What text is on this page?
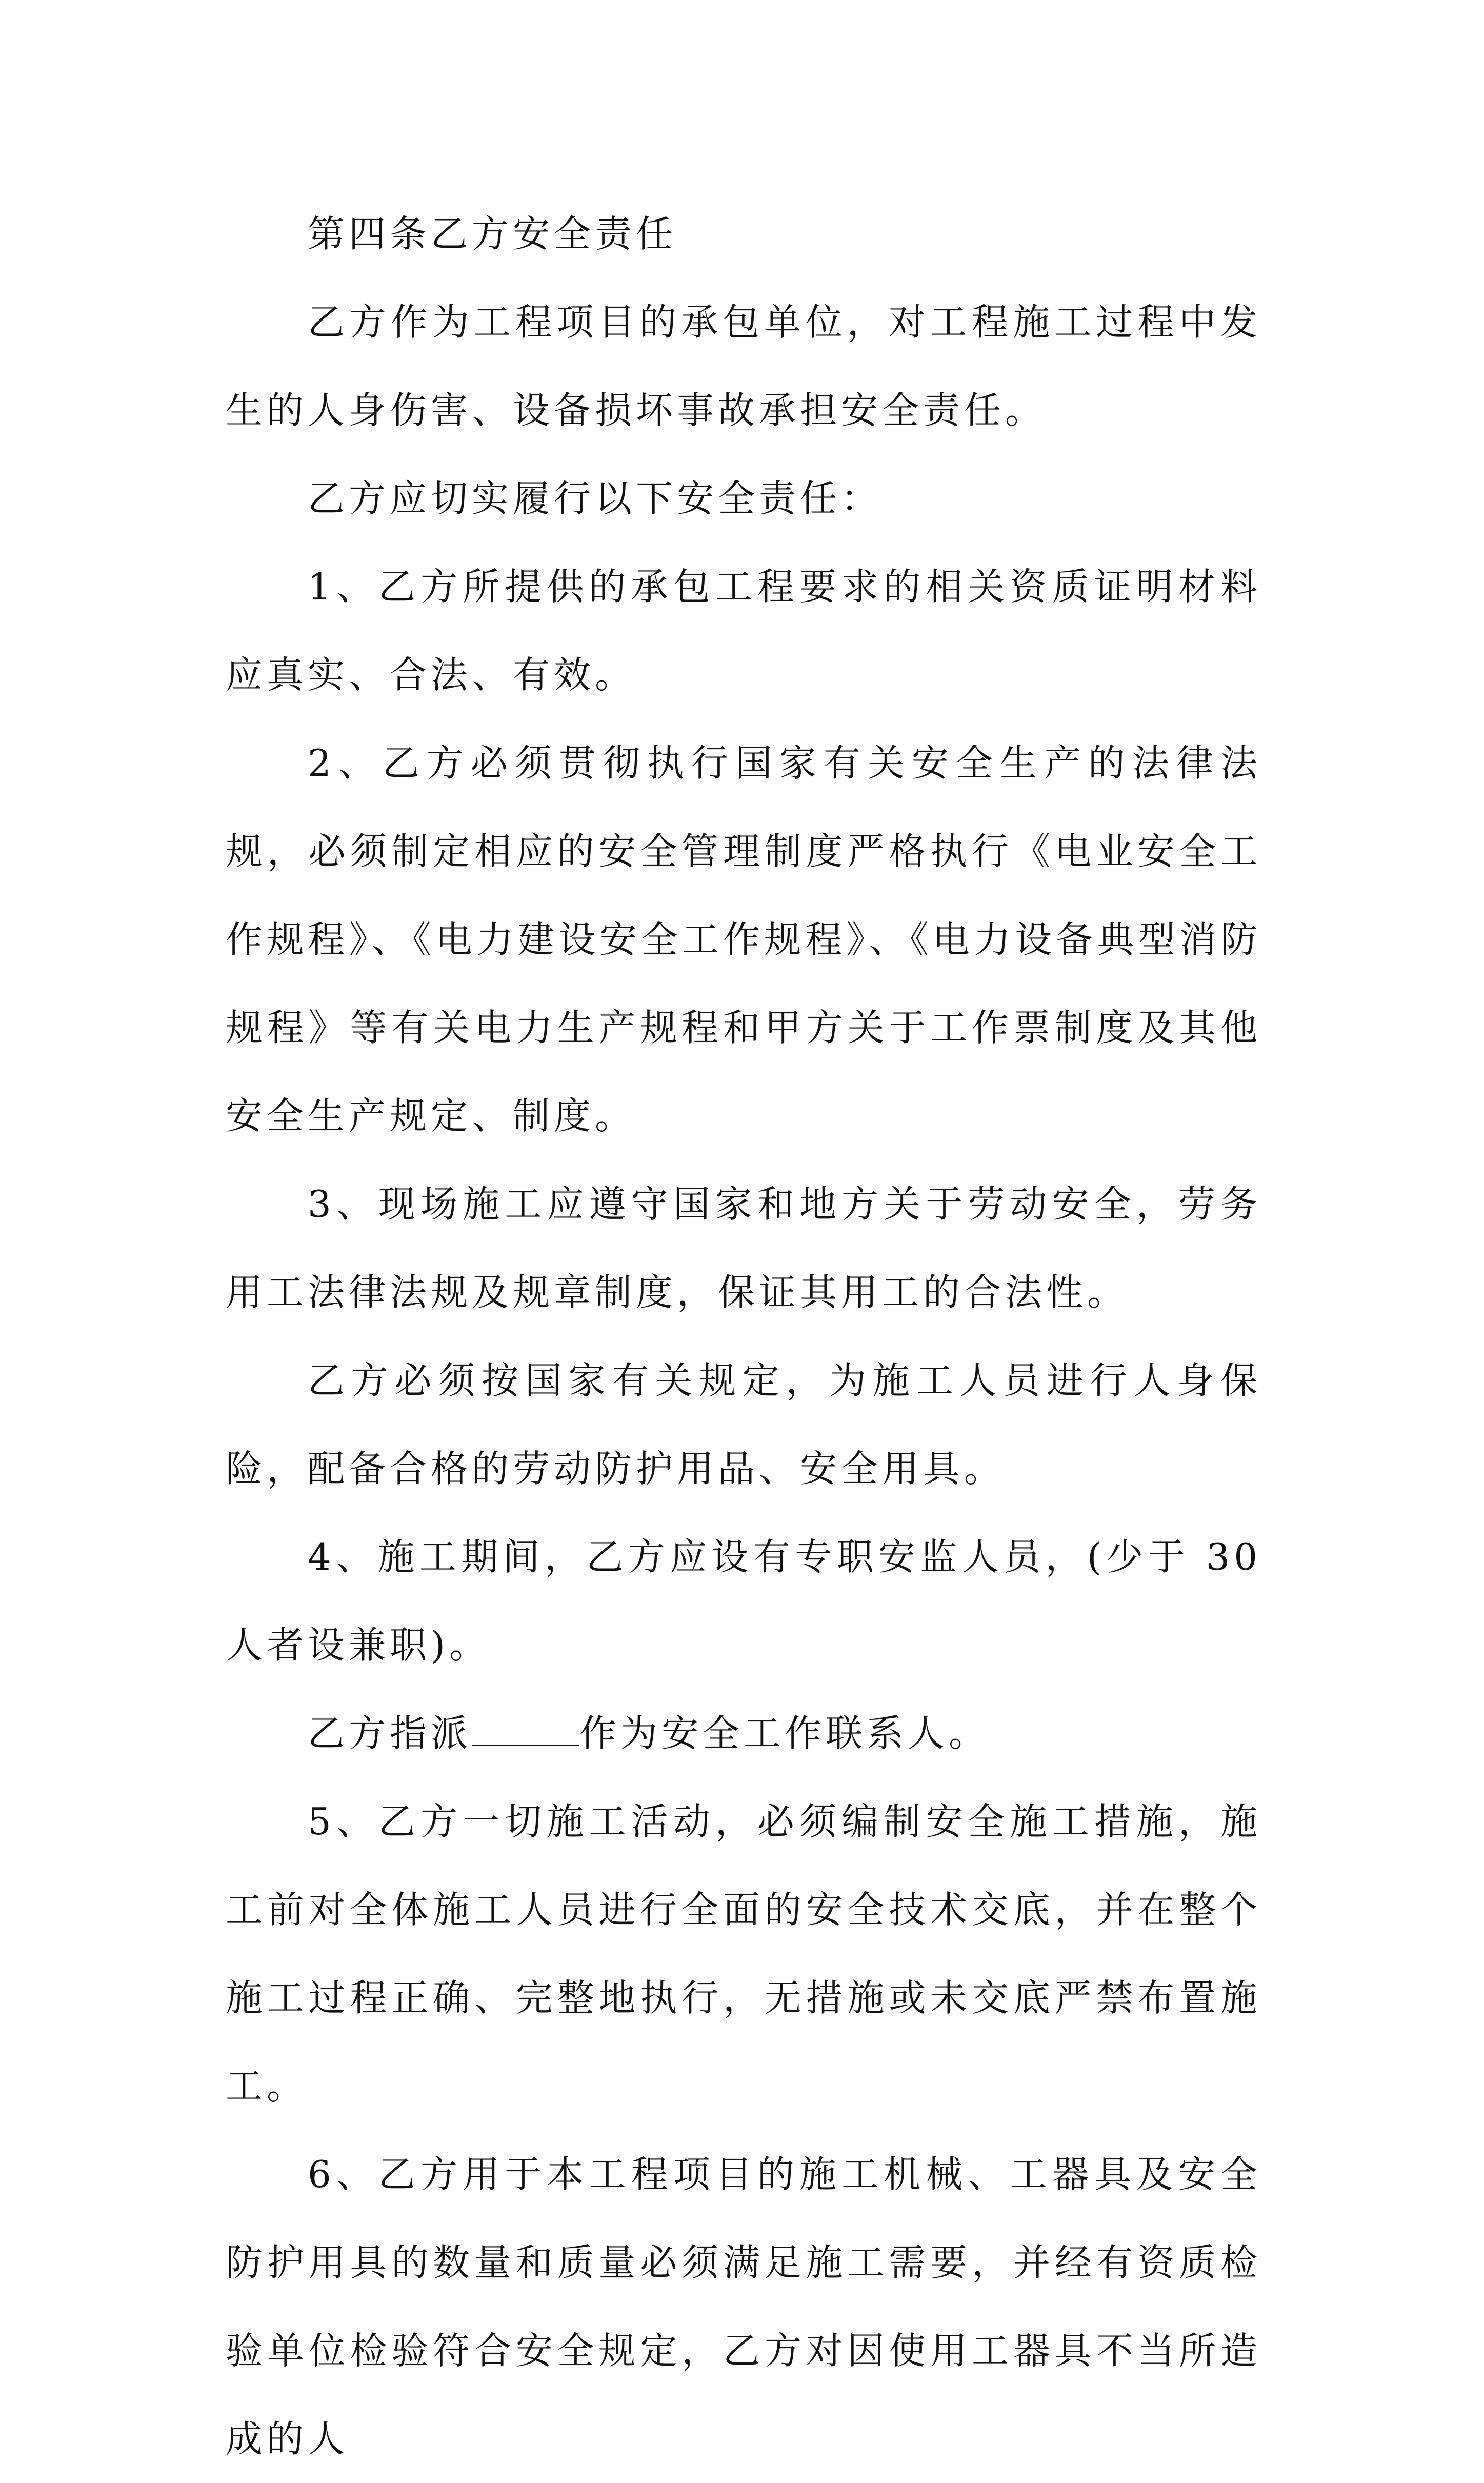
第四条乙方安全责任

乙方作为工程项目的承包单位，对工程施工过程中发生的人身伤害、设备损坏事故承担安全责任。

乙方应切实履行以下安全责任：

1、乙方所提供的承包工程要求的相关资质证明材料应真实、合法、有效。

2、乙方必须贯彻执行国家有关安全生产的法律法规，必须制定相应的安全管理制度严格执行《电业安全工作规程》、《电力建设安全工作规程》、《电力设备典型消防规程》等有关电力生产规程和甲方关于工作票制度及其他安全生产规定、制度。

3、现场施工应遵守国家和地方关于劳动安全，劳务用工法律法规及规章制度，保证其用工的合法性。

乙方必须按国家有关规定，为施工人员进行人身保险，配备合格的劳动防护用品、安全用具。

4、施工期间，乙方应设有专职安监人员，(少于 30 人者设兼职)。

乙方指派	作为安全工作联系人。

5、乙方一切施工活动，必须编制安全施工措施，施工前对全体施工人员进行全面的安全技术交底，并在整个施工过程正确、完整地执行，无措施或未交底严禁布置施工。

6、乙方用于本工程项目的施工机械、工器具及安全防护用具的数量和质量必须满足施工需要，并经有资质检验单位检验符合安全规定，乙方对因使用工器具不当所造成的人
